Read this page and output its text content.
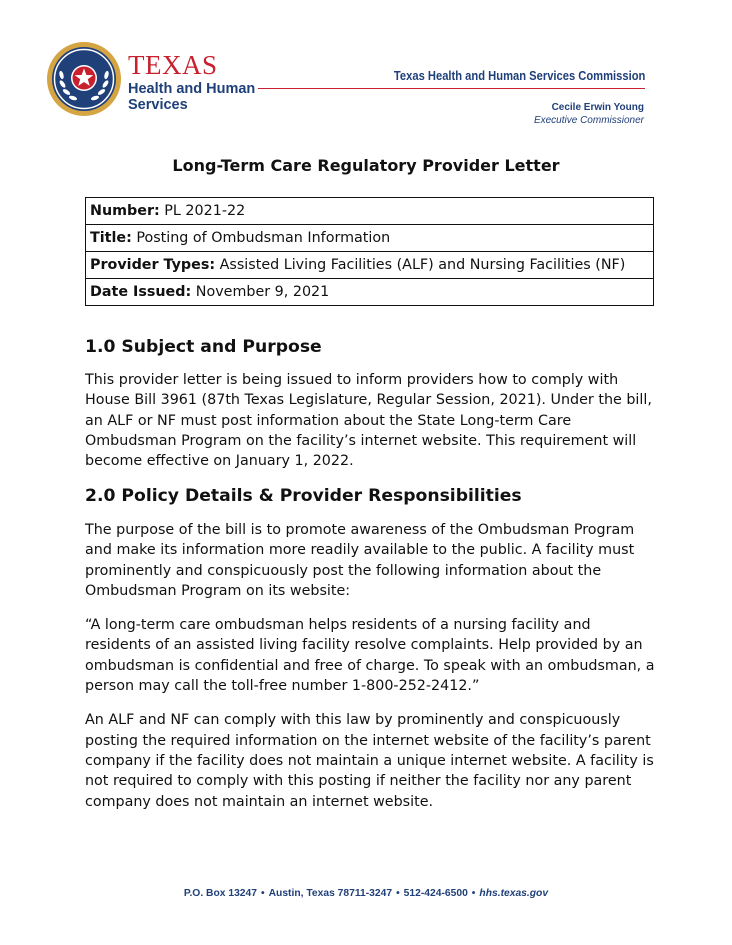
TEXAS
Health and Human Services
Texas Health and Human Services Commission
Cecile Erwin Young
Executive Commissioner
Long-Term Care Regulatory Provider Letter
Number: PL 2021-22
Title: Posting of Ombudsman Information
Provider Types: Assisted Living Facilities (ALF) and Nursing Facilities (NF)
Date Issued: November 9, 2021
1.0 Subject and Purpose

This provider letter is being issued to inform providers how to comply with House Bill 3961 (87th Texas Legislature, Regular Session, 2021). Under the bill, an ALF or NF must post information about the State Long-term Care Ombudsman Program on the facility’s internet website. This requirement will become effective on January 1, 2022.

2.0 Policy Details & Provider Responsibilities

The purpose of the bill is to promote awareness of the Ombudsman Program and make its information more readily available to the public. A facility must prominently and conspicuously post the following information about the Ombudsman Program on its website:

“A long-term care ombudsman helps residents of a nursing facility and residents of an assisted living facility resolve complaints. Help provided by an ombudsman is confidential and free of charge. To speak with an ombudsman, a person may call the toll-free number 1-800-252-2412.”

An ALF and NF can comply with this law by prominently and conspicuously posting the required information on the internet website of the facility’s parent company if the facility does not maintain a unique internet website. A facility is not required to comply with this posting if neither the facility nor any parent company does not maintain an internet website.

P.O. Box 13247 • Austin, Texas 78711-3247 • 512-424-6500 • hhs.texas.gov
